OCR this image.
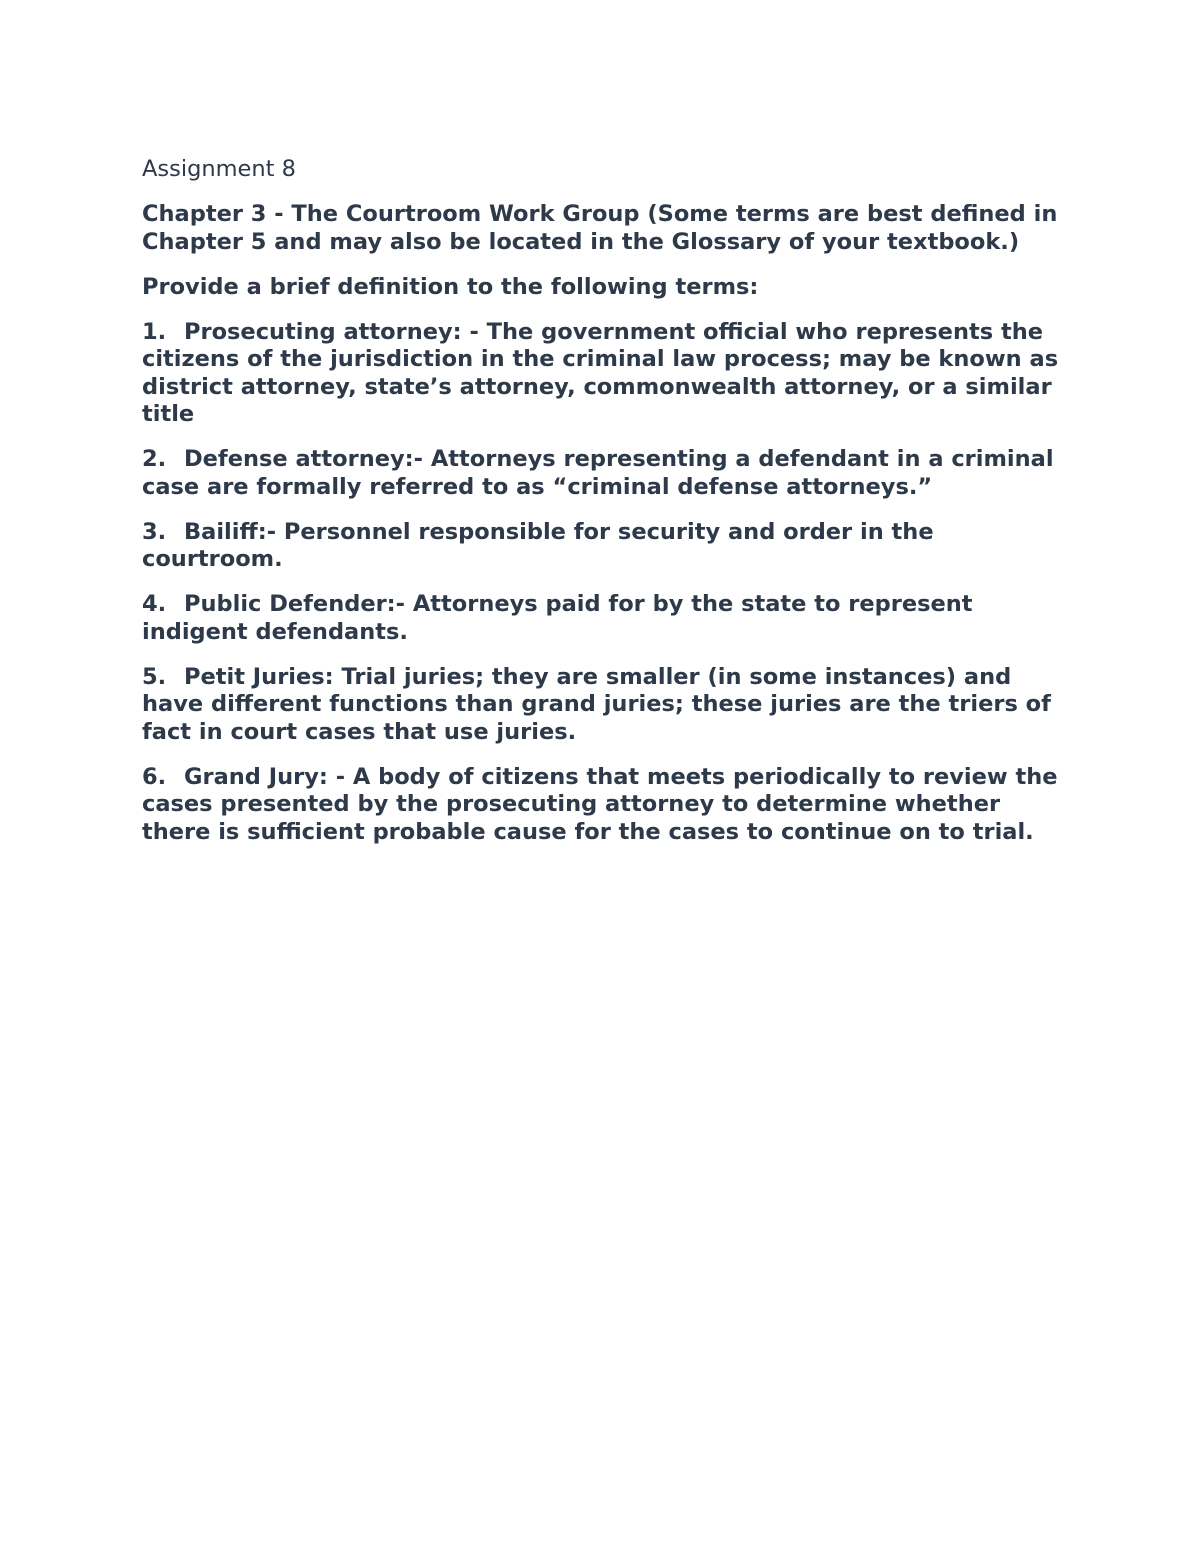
Assignment 8

Chapter 3 - The Courtroom Work Group (Some terms are best defined in Chapter 5 and may also be located in the Glossary of your textbook.)

Provide a brief definition to the following terms:

1. Prosecuting attorney: - The government official who represents the citizens of the jurisdiction in the criminal law process; may be known as district attorney, state’s attorney, commonwealth attorney, or a similar title

2. Defense attorney:- Attorneys representing a defendant in a criminal case are formally referred to as “criminal defense attorneys.”

3. Bailiff:- Personnel responsible for security and order in the courtroom.

4. Public Defender:- Attorneys paid for by the state to represent indigent defendants.

5. Petit Juries: Trial juries; they are smaller (in some instances) and have different functions than grand juries; these juries are the triers of fact in court cases that use juries.

6. Grand Jury: - A body of citizens that meets periodically to review the cases presented by the prosecuting attorney to determine whether there is sufficient probable cause for the cases to continue on to trial.
